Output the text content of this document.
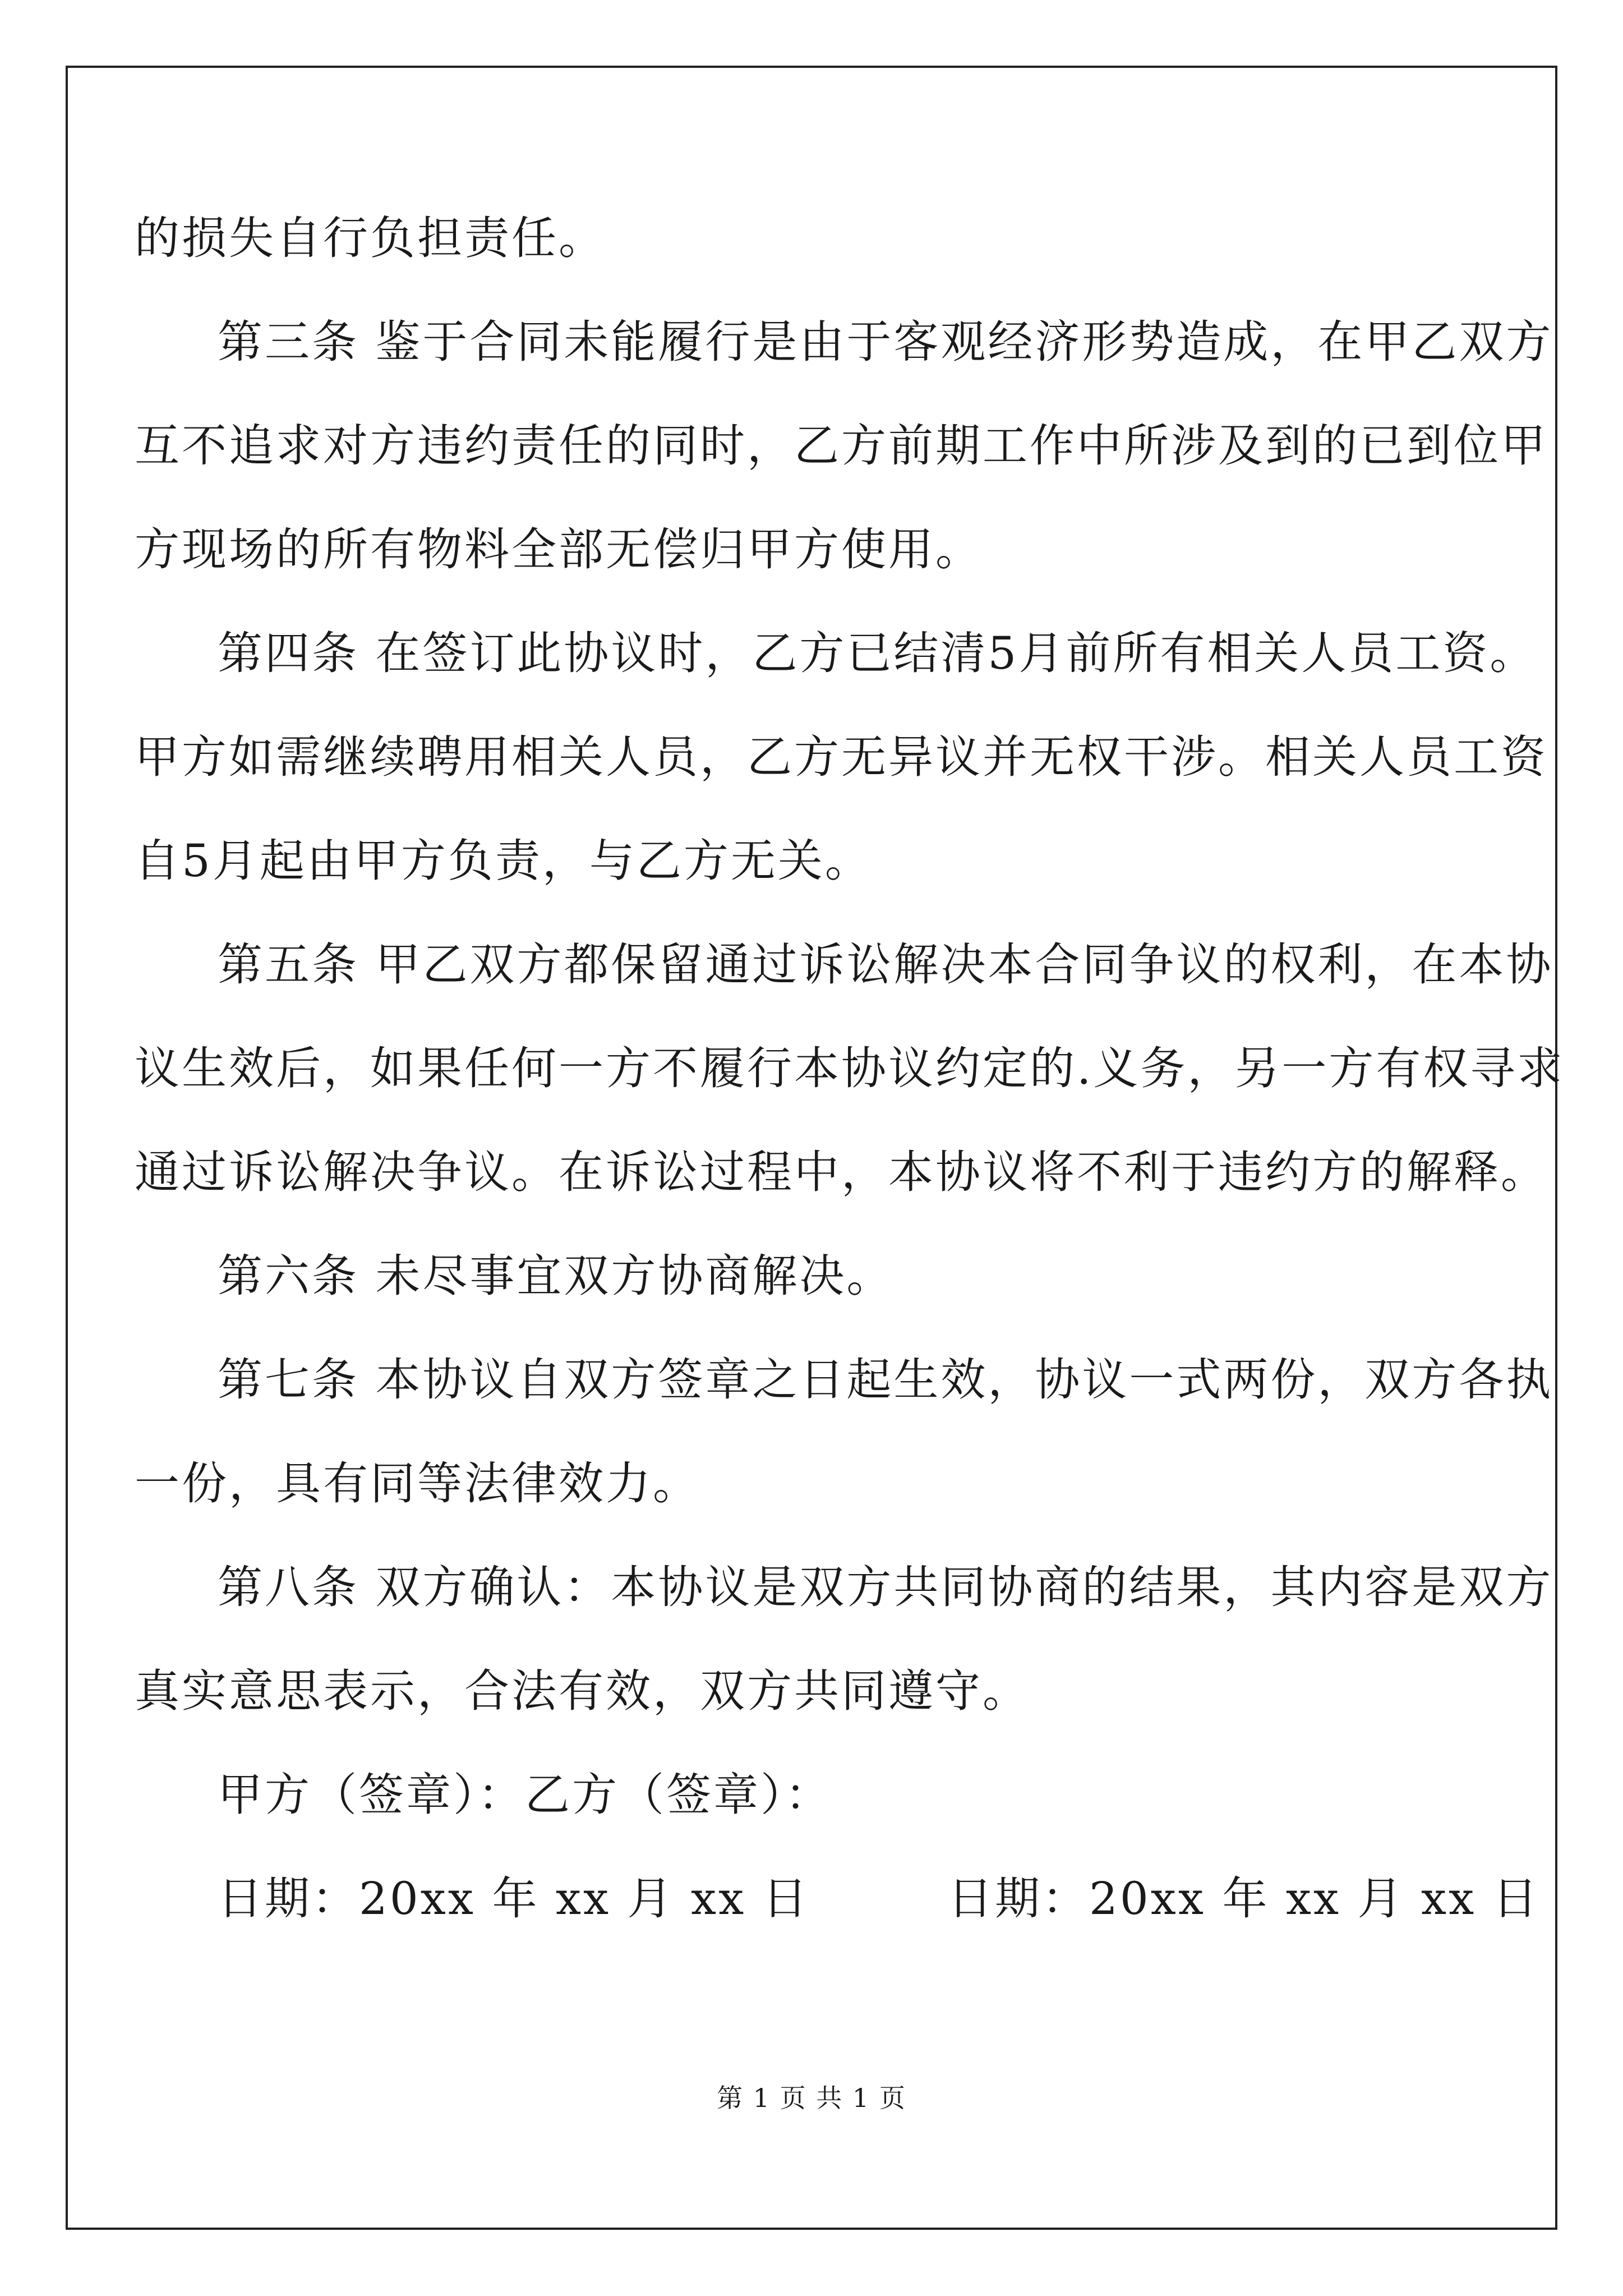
的损失自行负担责任。
第三条 鉴于合同未能履行是由于客观经济形势造成，在甲乙双方
互不追求对方违约责任的同时，乙方前期工作中所涉及到的已到位甲
方现场的所有物料全部无偿归甲方使用。
第四条 在签订此协议时，乙方已结清5月前所有相关人员工资。
甲方如需继续聘用相关人员，乙方无异议并无权干涉。相关人员工资
自5月起由甲方负责，与乙方无关。
第五条 甲乙双方都保留通过诉讼解决本合同争议的权利，在本协
议生效后，如果任何一方不履行本协议约定的.义务，另一方有权寻求
通过诉讼解决争议。在诉讼过程中，本协议将不利于违约方的解释。
第六条 未尽事宜双方协商解决。
第七条 本协议自双方签章之日起生效，协议一式两份，双方各执
一份，具有同等法律效力。
第八条 双方确认：本协议是双方共同协商的结果，其内容是双方
真实意思表示，合法有效，双方共同遵守。
甲方（签章）：乙方（签章）：
日期：20xx 年 xx 月 xx 日	日期：20xx 年 xx 月 xx 日
第 1 页 共 1 页
